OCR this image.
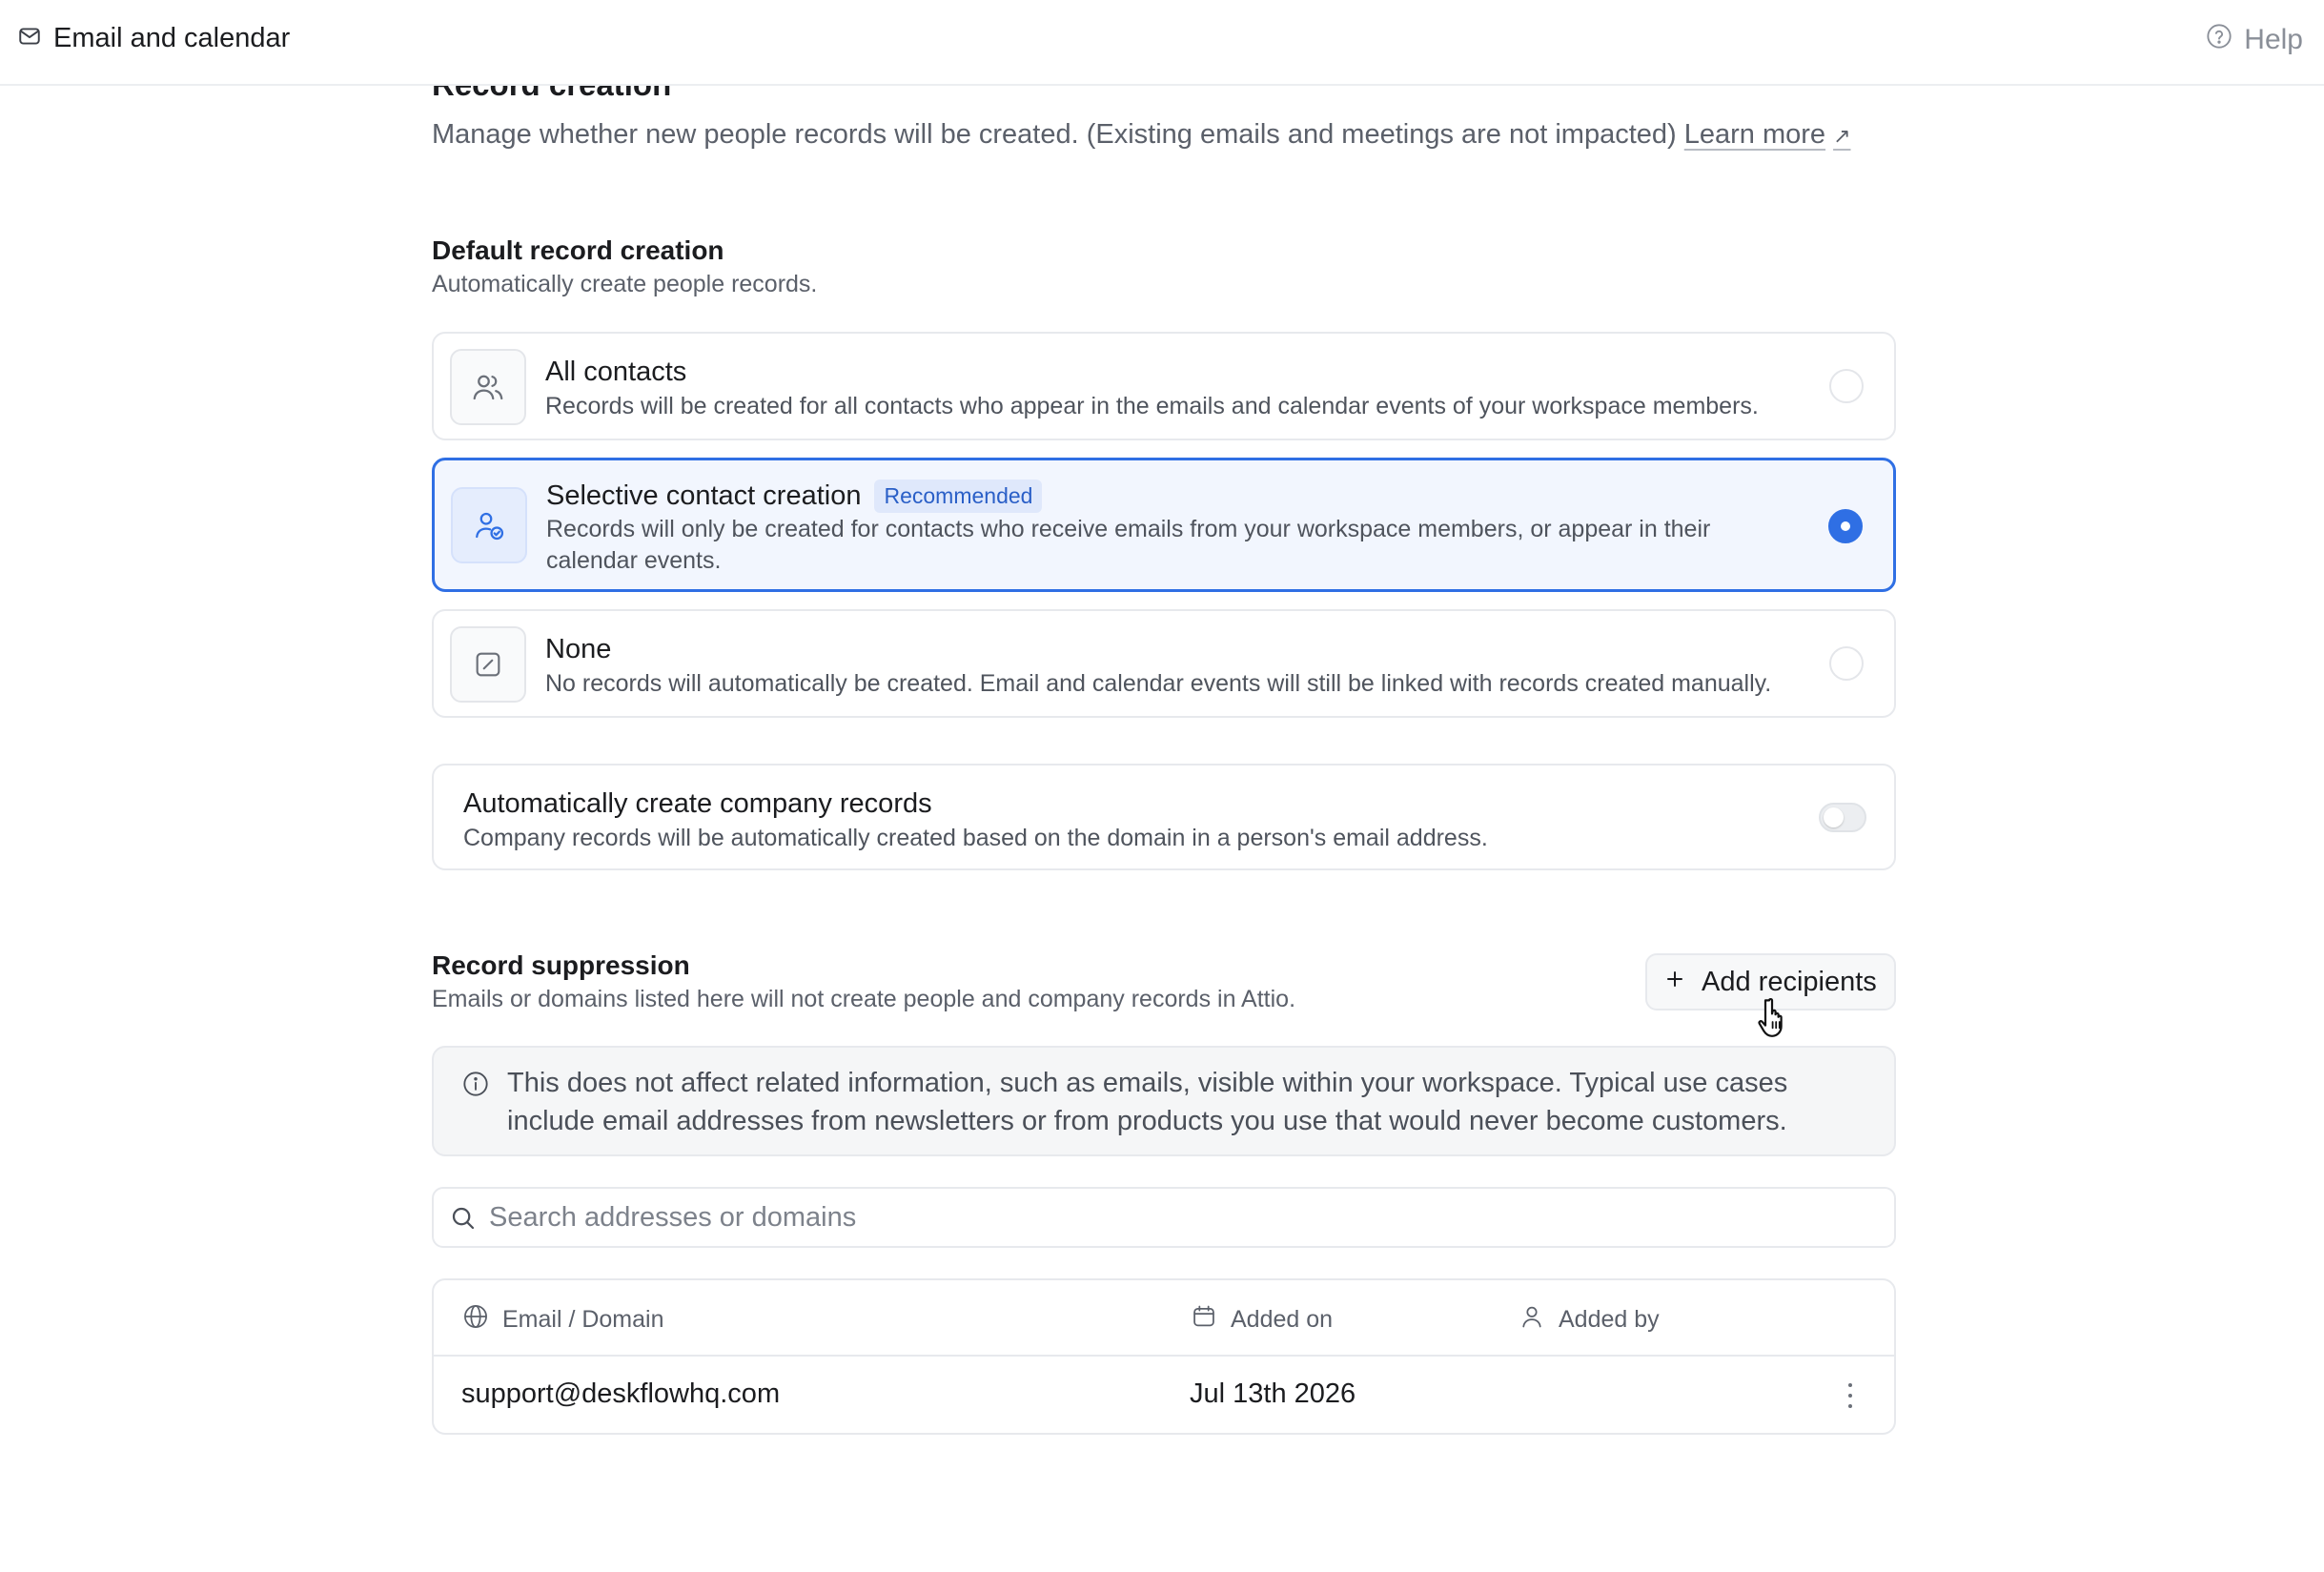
Email and calendar	Help
Manage whether new people records will be created. (Existing emails and meetings are not impacted) Learn more ↗
Default record creation
Automatically create people records.
All contacts
Records will be created for all contacts who appear in the emails and calendar events of your workspace members.
Selective contact creation	Recommended
Records will only be created for contacts who receive emails from your workspace members, or appear in their calendar events.
None
No records will automatically be created. Email and calendar events will still be linked with records created manually.
Automatically create company records
Company records will be automatically created based on the domain in a person's email address.
Record suppression
Emails or domains listed here will not create people and company records in Attio.
Add recipients
This does not affect related information, such as emails, visible within your workspace. Typical use cases include email addresses from newsletters or from products you use that would never become customers.
Search addresses or domains
Email / Domain	Added on	Added by
support@deskflowhq.com	Jul 13th 2026
